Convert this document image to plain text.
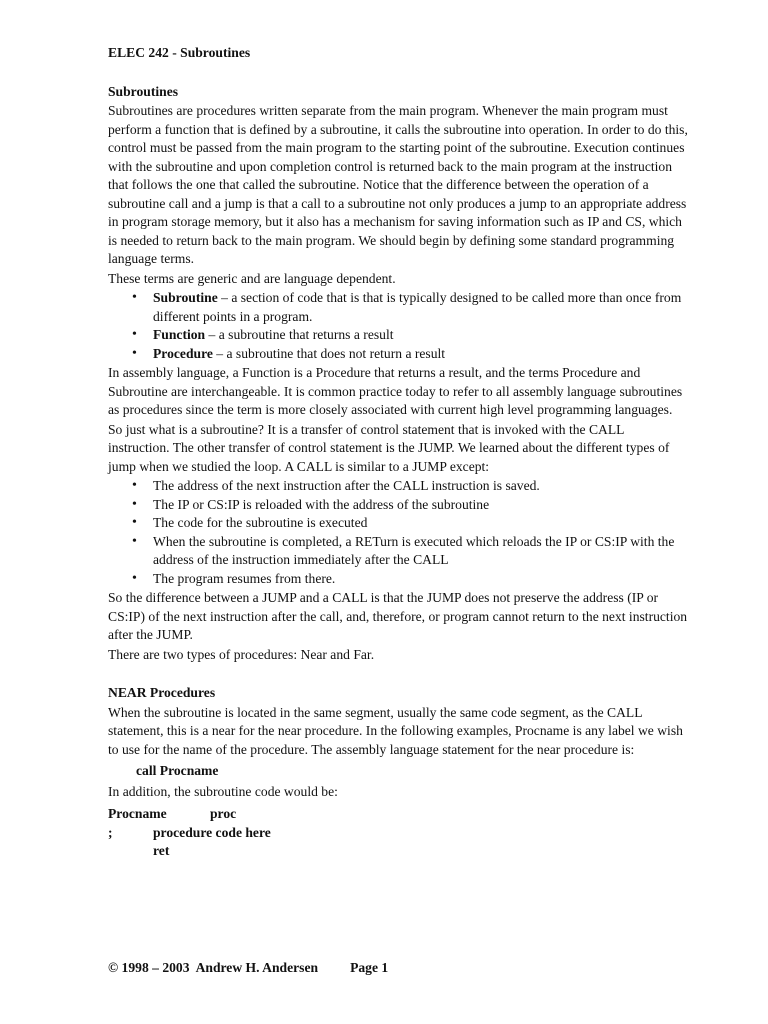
ELEC 242 - Subroutines

Subroutines

Subroutines are procedures written separate from the main program. Whenever the main program must perform a function that is defined by a subroutine, it calls the subroutine into operation. In order to do this, control must be passed from the main program to the starting point of the subroutine. Execution continues with the subroutine and upon completion control is returned back to the main program at the instruction that follows the one that called the subroutine. Notice that the difference between the operation of a subroutine call and a jump is that a call to a subroutine not only produces a jump to an appropriate address in program storage memory, but it also has a mechanism for saving information such as IP and CS, which is needed to return back to the main program. We should begin by defining some standard programming language terms.

These terms are generic and are language dependent.

• Subroutine – a section of code that is that is typically designed to be called more than once from different points in a program.
• Function – a subroutine that returns a result
• Procedure – a subroutine that does not return a result

In assembly language, a Function is a Procedure that returns a result, and the terms Procedure and Subroutine are interchangeable. It is common practice today to refer to all assembly language subroutines as procedures since the term is more closely associated with current high level programming languages.

So just what is a subroutine? It is a transfer of control statement that is invoked with the CALL instruction. The other transfer of control statement is the JUMP. We learned about the different types of jump when we studied the loop. A CALL is similar to a JUMP except:

• The address of the next instruction after the CALL instruction is saved.
• The IP or CS:IP is reloaded with the address of the subroutine
• The code for the subroutine is executed
• When the subroutine is completed, a RETurn is executed which reloads the IP or CS:IP with the address of the instruction immediately after the CALL
• The program resumes from there.

So the difference between a JUMP and a CALL is that the JUMP does not preserve the address (IP or CS:IP) of the next instruction after the call, and, therefore, or program cannot return to the next instruction after the JUMP.

There are two types of procedures: Near and Far.

NEAR Procedures

When the subroutine is located in the same segment, usually the same code segment, as the CALL statement, this is a near for the near procedure. In the following examples, Procname is any label we wish to use for the name of the procedure. The assembly language statement for the near procedure is:

call Procname

In addition, the subroutine code would be:

Procname	proc
;	procedure code here
ret
© 1998 – 2003  Andrew H. Andersen Page 1
